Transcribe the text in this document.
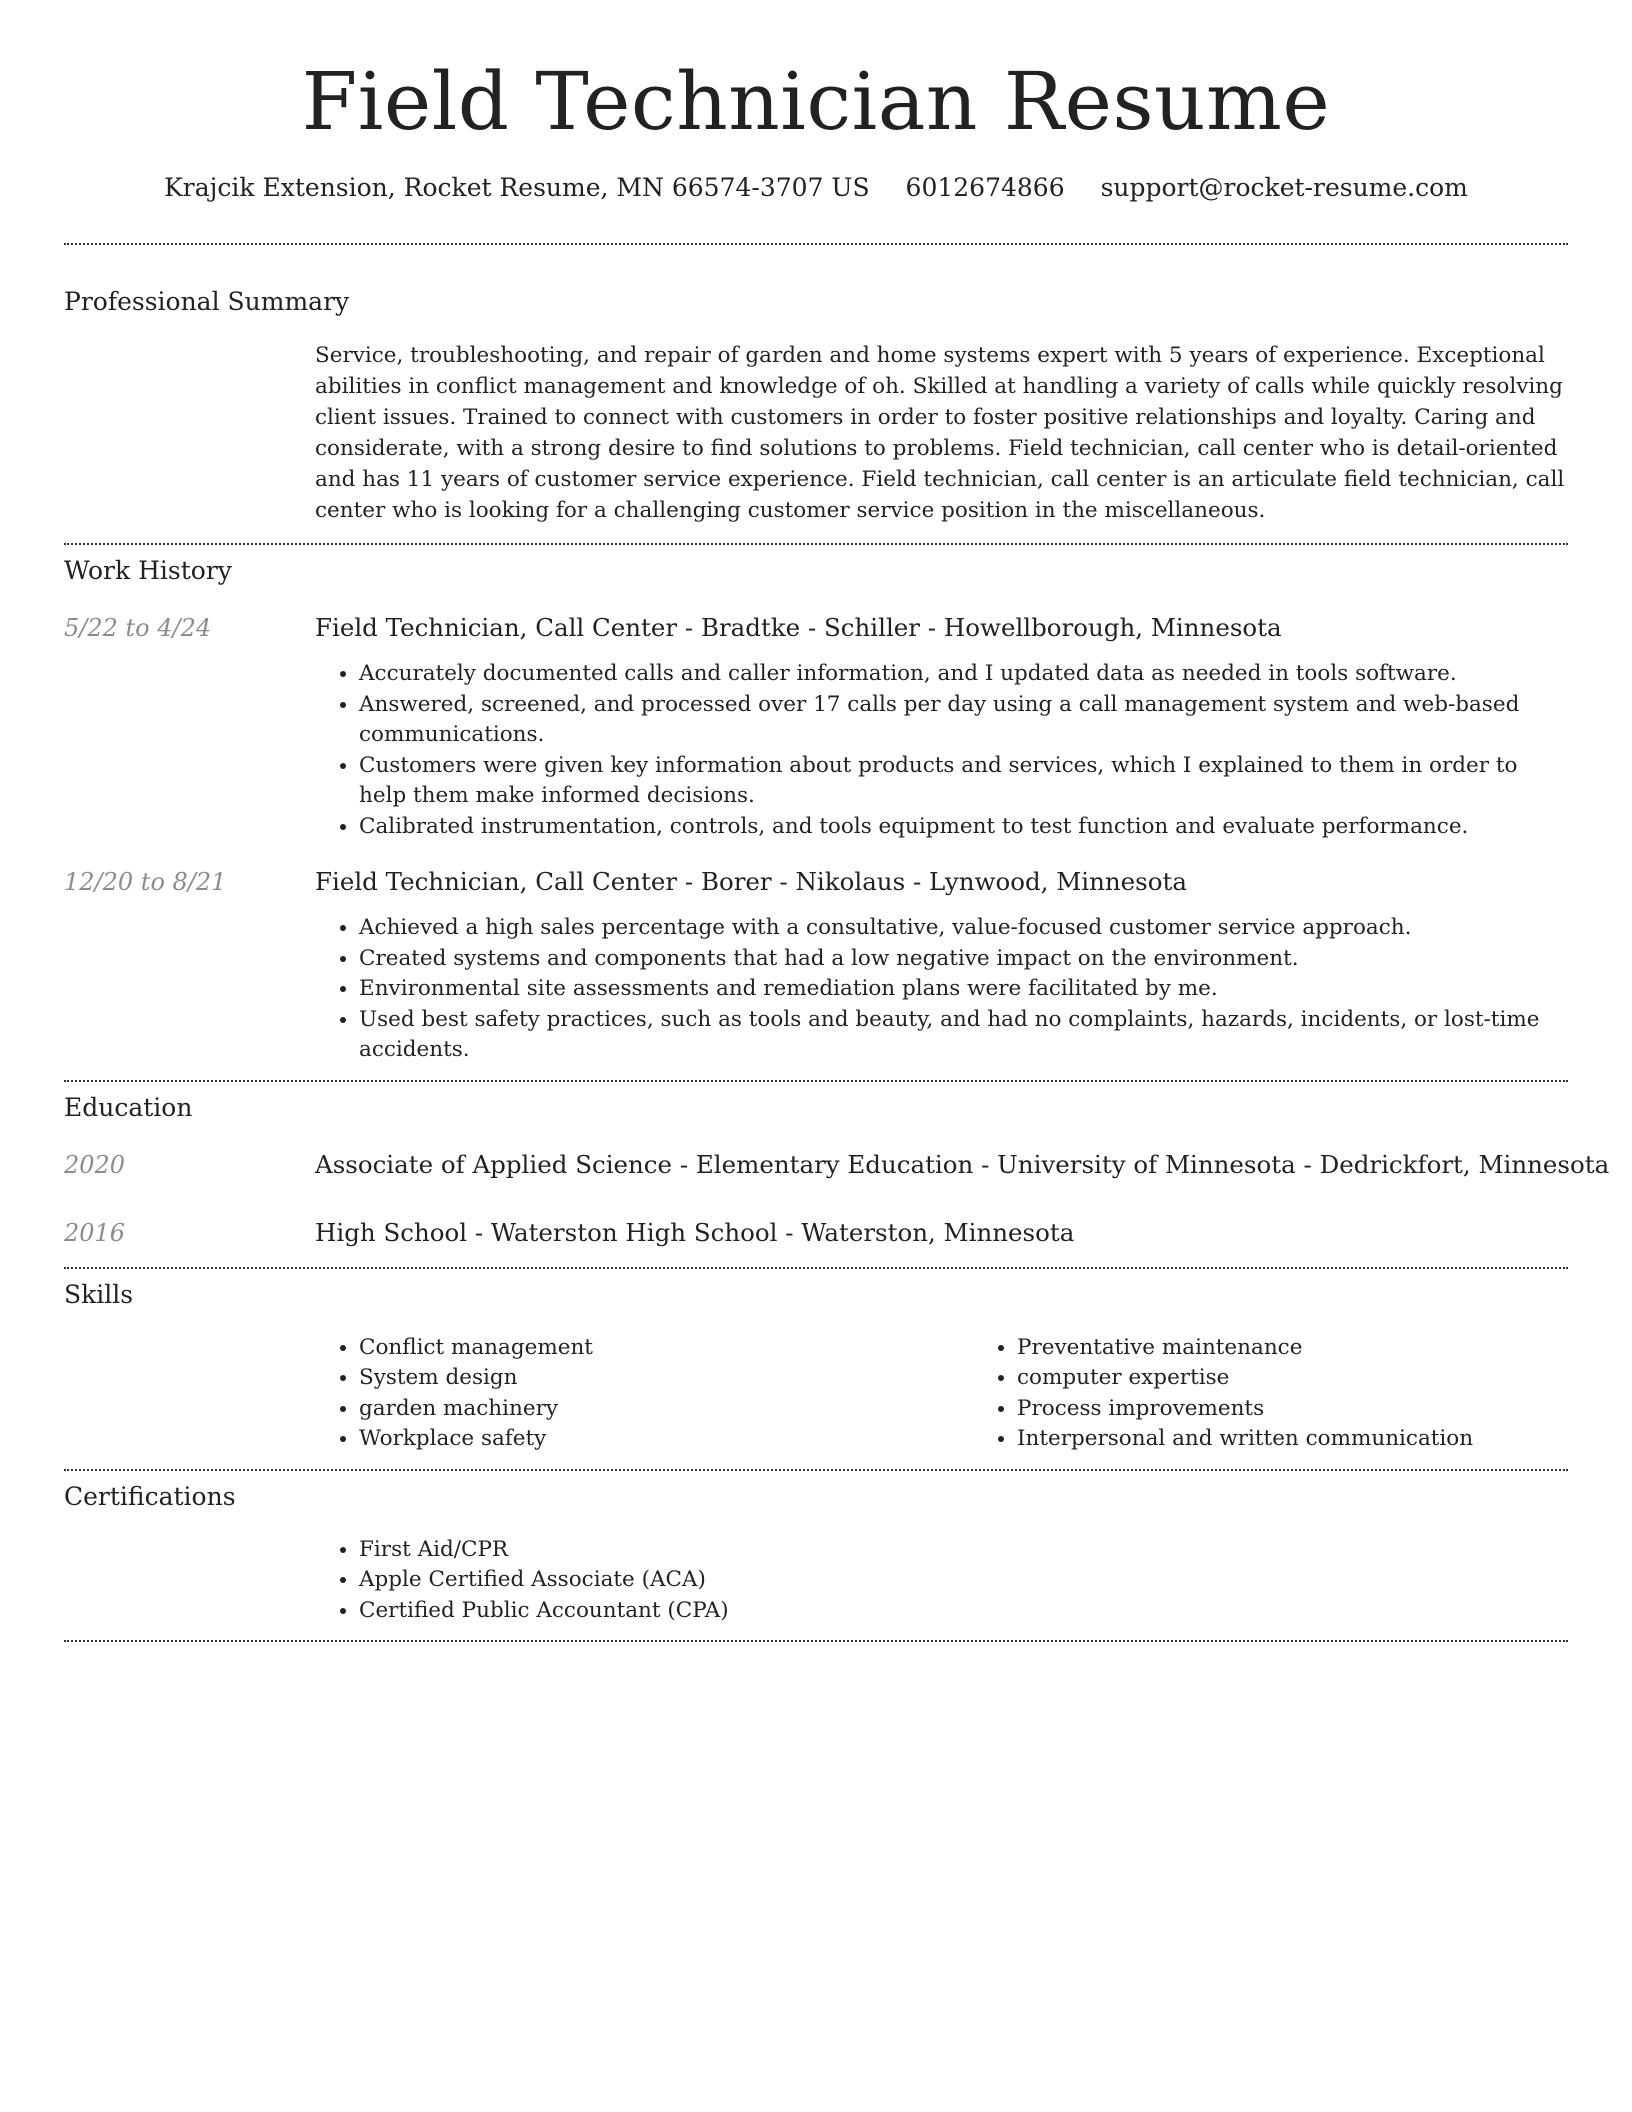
Field Technician Resume
Krajcik Extension, Rocket Resume, MN 66574-3707 US 6012674866 support@rocket-resume.com
Professional Summary

Service, troubleshooting, and repair of garden and home systems expert with 5 years of experience. Exceptional abilities in conflict management and knowledge of oh. Skilled at handling a variety of calls while quickly resolving client issues. Trained to connect with customers in order to foster positive relationships and loyalty. Caring and considerate, with a strong desire to find solutions to problems. Field technician, call center who is detail-oriented and has 11 years of customer service experience. Field technician, call center is an articulate field technician, call center who is looking for a challenging customer service position in the miscellaneous.

Work History
5/22 to 4/24	Field Technician, Call Center - Bradtke - Schiller - Howellborough, Minnesota
• Accurately documented calls and caller information, and I updated data as needed in tools software.
• Answered, screened, and processed over 17 calls per day using a call management system and web-based communications.
• Customers were given key information about products and services, which I explained to them in order to help them make informed decisions.
• Calibrated instrumentation, controls, and tools equipment to test function and evaluate performance.
12/20 to 8/21	Field Technician, Call Center - Borer - Nikolaus - Lynwood, Minnesota
• Achieved a high sales percentage with a consultative, value-focused customer service approach.
• Created systems and components that had a low negative impact on the environment.
• Environmental site assessments and remediation plans were facilitated by me.
• Used best safety practices, such as tools and beauty, and had no complaints, hazards, incidents, or lost-time accidents.
Education
2020	Associate of Applied Science - Elementary Education - University of Minnesota - Dedrickfort, Minnesota
2016	High School - Waterston High School - Waterston, Minnesota
Skills
• Conflict management
• System design
• garden machinery
• Workplace safety
• Preventative maintenance
• computer expertise
• Process improvements
• Interpersonal and written communication
Certifications
• First Aid/CPR
• Apple Certified Associate (ACA)
• Certified Public Accountant (CPA)
